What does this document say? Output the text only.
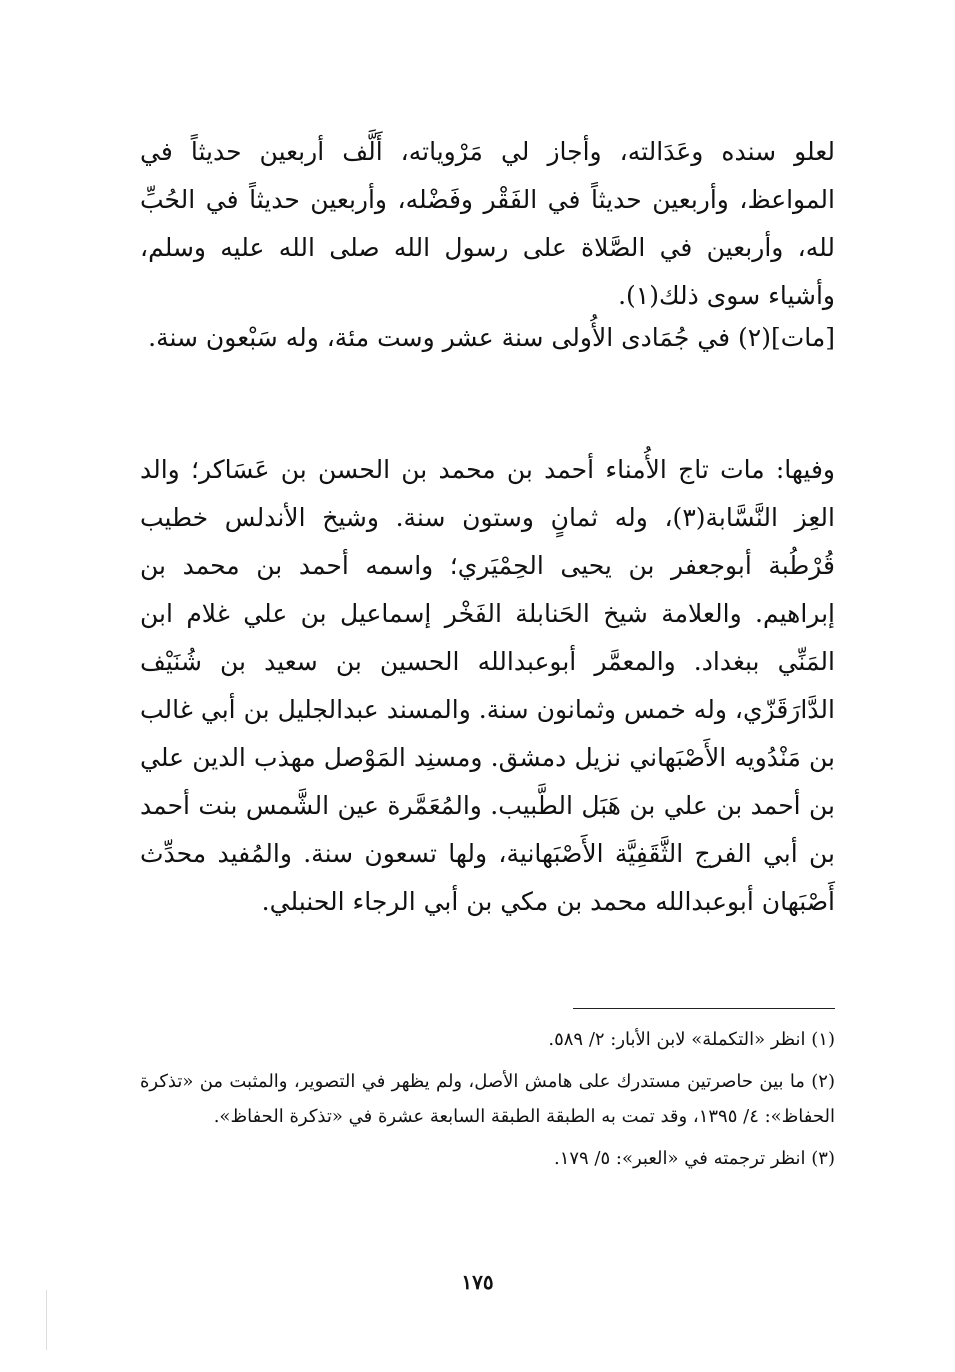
لعلو سنده وعَدَالته، وأجاز لي مَرْوياته، أَلَّف أربعين حديثاً في المواعظ، وأربعين حديثاً في الفَقْر وفَضْله، وأربعين حديثاً في الحُبِّ لله، وأربعين في الصَّلاة على رسول الله صلى الله عليه وسلم، وأشياء سوى ذلك(١).

[مات](٢) في جُمَادى الأُولى سنة عشر وست مئة، وله سَبْعون سنة.

وفيها: مات تاج الأُمناء أحمد بن محمد بن الحسن بن عَسَاكر؛ والد العِز النَّسَّابة(٣)، وله ثمانٍ وستون سنة. وشيخ الأندلس خطيب قُرْطُبة أبوجعفر بن يحيى الحِمْيَري؛ واسمه أحمد بن محمد بن إبراهيم. والعلامة شيخ الحَنابلة الفَخْر إسماعيل بن علي غلام ابن المَنِّي ببغداد. والمعمَّر أبوعبدالله الحسين بن سعيد بن شُنَيْف الدَّارَقَزّي، وله خمس وثمانون سنة. والمسند عبدالجليل بن أبي غالب بن مَنْدُويه الأَصْبَهاني نزيل دمشق. ومسنِد المَوْصل مهذب الدين علي بن أحمد بن علي بن هَبَل الطَّبيب. والمُعَمَّرة عين الشَّمس بنت أحمد بن أبي الفرج الثَّقَفِيَّة الأَصْبَهانية، ولها تسعون سنة. والمُفيد محدِّث أَصْبَهان أبوعبدالله محمد بن مكي بن أبي الرجاء الحنبلي.

(١) انظر «التكملة» لابن الأبار: ٢/ ٥٨٩.

(٢) ما بين حاصرتين مستدرك على هامش الأصل، ولم يظهر في التصوير، والمثبت من «تذكرة الحفاظ»: ٤/ ١٣٩٥، وقد تمت به الطبقة الطبقة السابعة عشرة في «تذكرة الحفاظ».

(٣) انظر ترجمته في «العبر»: ٥/ ١٧٩.

١٧٥
